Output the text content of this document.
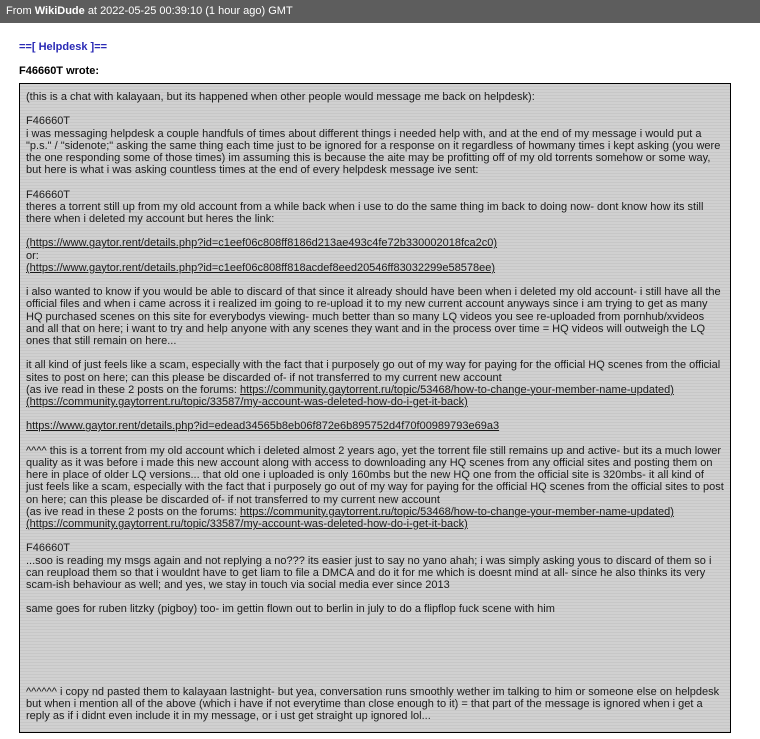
From WikiDude at 2022-05-25 00:39:10 (1 hour ago) GMT
==[ Helpdesk ]==
F46660T wrote:

(this is a chat with kalayaan, but its happened when other people would message me back on helpdesk):

F46660T
i was messaging helpdesk a couple handfuls of times about different things i needed help with, and at the end of my message i would put a "p.s." / "sidenote;" asking the same thing each time just to be ignored for a response on it regardless of howmany times i kept asking (you were the one responding some of those times) im assuming this is because the aite may be profitting off of my old torrents somehow or some way, but here is what i was asking countless times at the end of every helpdesk message ive sent:

F46660T
theres a torrent still up from my old account from a while back when i use to do the same thing im back to doing now- dont know how its still there when i deleted my account but heres the link:

(https://www.gaytor.rent/details.php?id=c1eef06c808ff8186d213ae493c4fe72b330002018fca2c0)
or:
(https://www.gaytor.rent/details.php?id=c1eef06c808ff818acdef8eed20546ff83032299e58578ee)

i also wanted to know if you would be able to discard of that since it already should have been when i deleted my old account- i still have all the official files and when i came across it i realized im going to re-upload it to my new current account anyways since i am trying to get as many HQ purchased scenes on this site for everybodys viewing- much better than so many LQ videos you see re-uploaded from pornhub/xvideos and all that on here; i want to try and help anyone with any scenes they want and in the process over time = HQ videos will outweigh the LQ ones that still remain on here...

it all kind of just feels like a scam, especially with the fact that i purposely go out of my way for paying for the official HQ scenes from the official sites to post on here; can this please be discarded of- if not transferred to my current new account
(as ive read in these 2 posts on the forums: https://community.gaytorrent.ru/topic/53468/how-to-change-your-member-name-updated)
(https://community.gaytorrent.ru/topic/33587/my-account-was-deleted-how-do-i-get-it-back)

https://www.gaytor.rent/details.php?id=edead34565b8eb06f872e6b895752d4f70f00989793e69a3

^^^^ this is a torrent from my old account which i deleted almost 2 years ago, yet the torrent file still remains up and active- but its a much lower quality as it was before i made this new account along with access to downloading any HQ scenes from any official sites and posting them on here in place of older LQ versions... that old one i uploaded is only 160mbs but the new HQ one from the official site is 320mbs- it all kind of just feels like a scam, especially with the fact that i purposely go out of my way for paying for the official HQ scenes from the official sites to post on here; can this please be discarded of- if not transferred to my current new account
(as ive read in these 2 posts on the forums: https://community.gaytorrent.ru/topic/53468/how-to-change-your-member-name-updated)
(https://community.gaytorrent.ru/topic/33587/my-account-was-deleted-how-do-i-get-it-back)

F46660T
...soo is reading my msgs again and not replying a no??? its easier just to say no yano ahah; i was simply asking yous to discard of them so i can reupload them so that i wouldnt have to get liam to file a DMCA and do it for me which is doesnt mind at all- since he also thinks its very scam-ish behaviour as well; and yes, we stay in touch via social media ever since 2013

same goes for ruben litzky (pigboy) too- im gettin flown out to berlin in july to do a flipflop fuck scene with him

^^^^^^ i copy nd pasted them to kalayaan lastnight- but yea, conversation runs smoothly wether im talking to him or someone else on helpdesk but when i mention all of the above (which i have if not everytime than close enough to it) = that part of the message is ignored when i get a reply as if i didnt even include it in my message, or i ust get straight up ignored lol...
